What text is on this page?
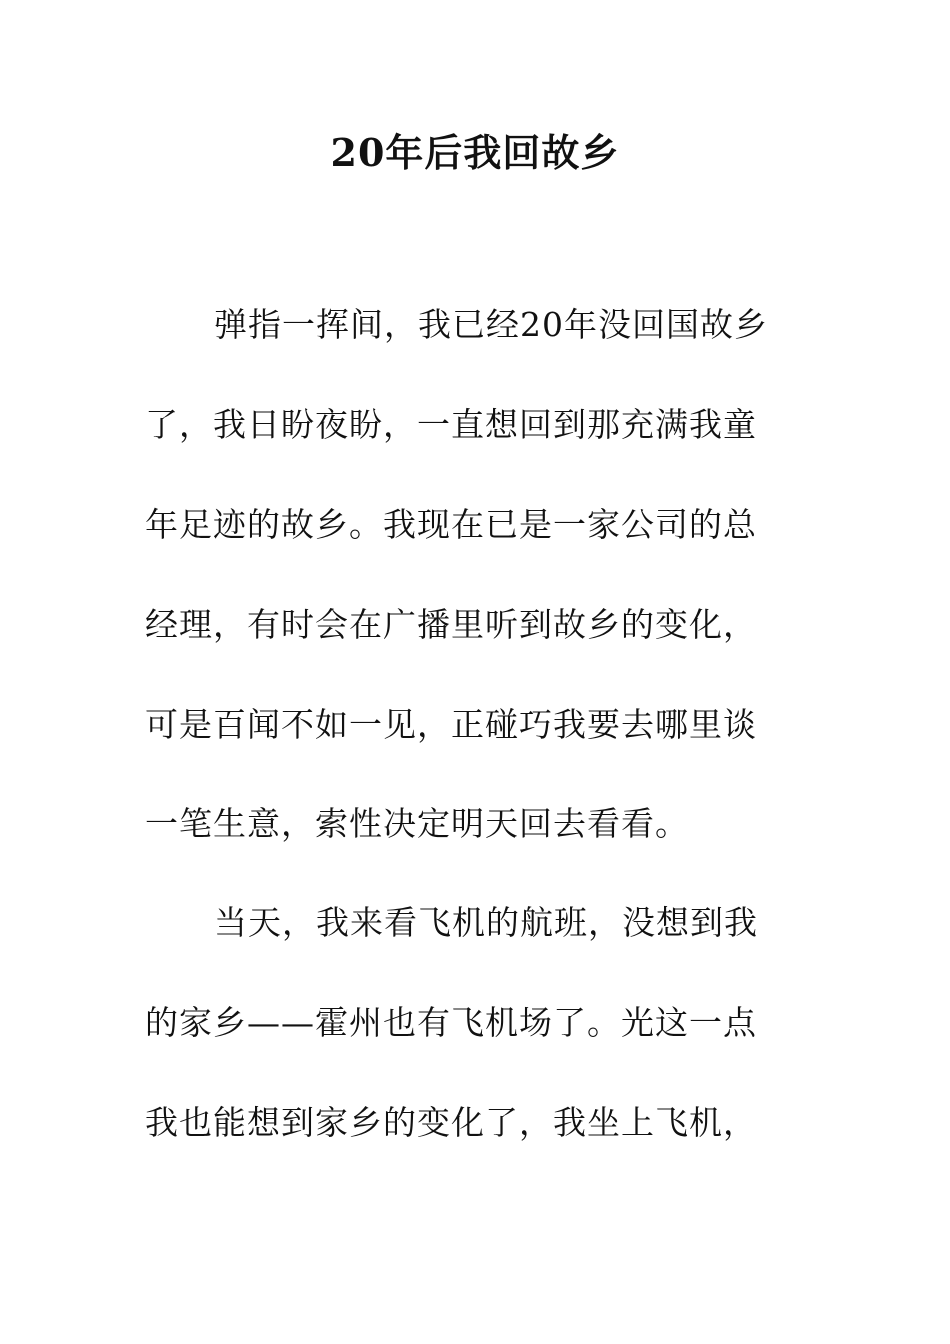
20年后我回故乡
弹指一挥间，我已经20年没回国故乡
了，我日盼夜盼，一直想回到那充满我童
年足迹的故乡。我现在已是一家公司的总
经理，有时会在广播里听到故乡的变化，
可是百闻不如一见，正碰巧我要去哪里谈
一笔生意，索性决定明天回去看看。
当天，我来看飞机的航班，没想到我
的家乡——霍州也有飞机场了。光这一点
我也能想到家乡的变化了，我坐上飞机，
